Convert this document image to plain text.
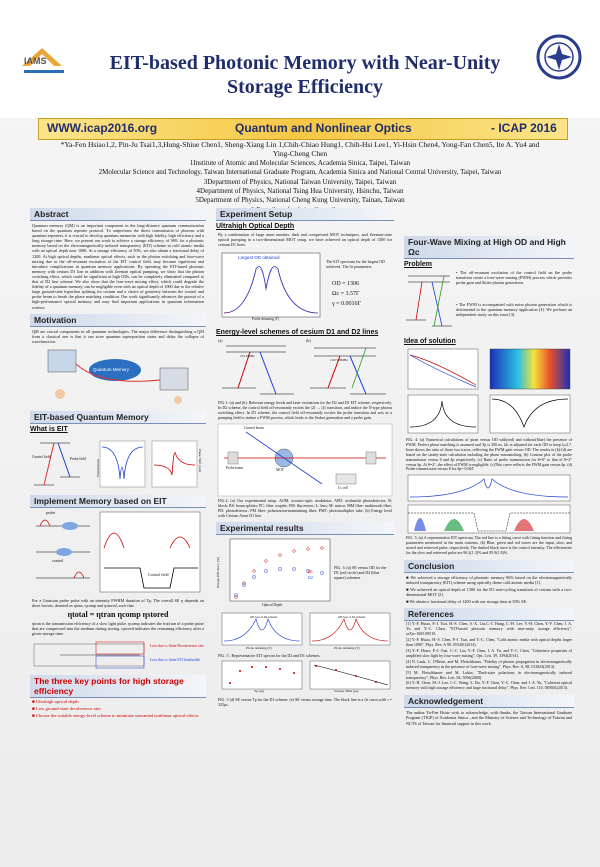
IAMS	EIT-based Photonic Memory with Near-Unity
Storage Efficiency
WWW.icap2016.org	Quantum and Nonlinear Optics	- ICAP 2016
*Ya-Fen Hsiao1,2, Pin-Ju Tsai1,3,Hung-Shiue Chen1, Sheng-Xiang Lin 1,Chih-Chiao Hung1, Chih-Hsi Lee1, Yi-Hsin Chen4, Yong-Fan Chen5, Ite A. Yu4 and
Ying-Cheng Chen
1Institute of Atomic and Molecular Sciences, Academia Sinica, Taipei, Taiwan
2Molecular Science and Technology, Taiwan International Graduate Program, Academia Sinica and National Central University, Taipei, Taiwan
3Department of Physics, National Taiwan University, Taipei, Taiwan
4Department of Physics, National Tsing Hua University, Hsinchu, Taiwan
5Department of Physics, National Cheng Kung University, Tainan, Taiwan
Abstract
Quantum memory (QM) is an important component in the long-distance quantum communication based on the quantum repeater protocol. To outperform the direct transmission of photons with quantum repeaters, it is crucial to develop quantum memories with high fidelity, high efficiency and a long storage time. Here, we present our work to achieve a storage efficiency of 96% for a photonic memory based on the electromagnetically induced transparency (EIT) scheme in cold atomic media with an optical depth near 1000. At a storage efficiency of 50%, we also obtain a fractional delay of 1200. At high optical depths, nonlinear optical effects, such as the photon switching and four-wave mixing due to the off-resonant excitation of the EIT control field, may become significant and introduce complications in quantum memory applications. By operating the EIT-based photonic memory with cesium D1 line in addition with Zeeman optical pumping, we show that the photon switching effect, which could be significant at high ODs, can be completely eliminated compared to that of D2 line scheme. We also show that the four-wave mixing effect, which could degrade the fidelity of a quantum memory, can be negligible even with an optical depth of 1000 due to the relative large ground-state hyperfine splitting for cesium and a choice of geometry between the control and probe beam to break the phase matching condition. Our work significantly advances the pursuit of a high-performance optical memory and may find important applications in quantum information science.
Motivation
QM are crucial components in all quantum technologies. The major difference distinguishing a QM from a classical one is that it can store quantum superposition states and delay the collapse of wavefunction.
Quantum Memory
EIT-based Quantum Memory
What is EIT
Control field	Probe field	Transmission	Phase Shift (rad)
Implement Memory based on EIT
probe
control
Control field
For a Gaussian probe pulse with an intensity FWHM duration of Tp, The overall SE η depends on three factors, denoted as ηtran, ηcomp and ηstored, such that
ηtotal = ηtran ηcomp ηstored
ηtran is the transmission efficiency of a slow light pulse. ηcomp indicates the fraction of a probe pulse that are compressed into the medium during storing. ηstored indicates the remaining efficiency after a given storage time.
Loss due to finite Decoherence rate
Loss due to finite EIT bandwidth
The three key points for high storage efficiency
■ Ultrahigh optical depth
■ Low ground-state decoherence rate
■ Choose the suitable energy-level scheme to minimize unwanted nonlinear optical effects
Experiment Setup
Ultrahigh Optical Depth
By a combination of large atom number, dark and compressed MOT techniques, and Zeeman-state optical pumping in a two-dimensional MOT setup, we have achieved an optical depth of 1300 for cesium D1 lines.
Largest OD obtained
Probe detuning (Γ)
The EIT spectrum for the largest OD achieved. The fit parameters
OD = 1306
Ωc = 3.57Γ
γ = 0.0016Γ
Energy-level schemes of cesium D1 and D2 lines
(a)	(b)
251.0MHz
1167.68MHz
FIG.1: (a) and (b): Relevant energy levels and laser excitations for the D2 and D1 EIT scheme, respectively. In D2 scheme, the control field off-resonantly excites the |2⟩ → |4⟩ transition, and induce the N-type photon switching effect. In D1 scheme, the control field off-resonantly excites the probe transition and acts as a pumping field to induce a FWM process, which leads to the Stokes generation and a probe gain.
MOT
Probe beam
Control beam
Cs cell
FIG.2: (a) Our experimental setup. AOM: acousto-optic modulator; APD: avalanche photodetector; B: block; BS: beam splitter; PC: fiber coupler; FM: flip mirror; L: lens; M: mirror; MM fiber: multimode fiber; PD: photodetector; PM fiber: polarization-maintaining fiber; PMT: photomultiplier tube. (b) Energy level with Cesium Atom D1 line.
Experimental results
D1
D2
Storage Efficiency (%)
Optical Depth
FIG. 3: (a) SE versus OD for the D1 (red circle) and D2 (blue square) schemes
OD loss of D2 scheme	OD loss of D1 scheme
Probe detuning (Γ)	Probe detuning (Γ)
FIG. 5 : Representative EIT spectra for the D2 and D1 schemes.
Tp (μs)	Storage Time (μs)
FIG. 3 (d) SE versus Tp for the D1 scheme. (e) SE versus storage time. The black line is a fit curve,with τ = 325μs.
Four-Wave Mixing at High OD and High Ωc
Problem
• The off-resonant excitation of the control field on the probe transition create a four-wave mixing (FWM) process which provides probe gain and Stoke photon generation.
• The FWM is accompanied with noise photon generation which is detrimental to the quantum memory application [4]. We perform an independent study on this issue [3].
Idea of solution
FIG. 4: (a) Numerical calculations of ηtran versus OD with(red) and without(blue) the presence of FWM. Perfect phase matching is assumed and Tp is 200 ns. Ωc is adjusted for each OD to keep ξ≥2.7. Inset shows the ratio of those two traces, reflecting the FWM gain versus OD. The results in (b)-(d) are based on the steady-state calculation including the phase mismatching. (b) Contour plot of the probe transmission versus θ and δp respectively. (c) Ratio of probe transmission for θ=0° to that of θ=2° versus δp. At θ=2°, the effect of FWM is negligible. (c)This curve reflects the FWM gain versus δp. (d) Probe transmission versus θ for δp= 0.04Γ.
FIG. 5: (a) A representative EIT spectrum. The red line is a fitting curve with fitting function and fitting parameters mentioned in the main contents. (b) Blue, green and red traces are the input, slow, and stored and retrieved pulse, respectively. The dashed black trace is the control intensity. The efficiencies for the slow and retrieved pulse are 96.2(1.3)% and 95.9(1.8)%.
Conclusion
■ We achieved a storage efficiency of photonic memory 96% based on the electromagnetically induced transparency (EIT) scheme using optically dense cold atomic media [1].
■ We achieved an optical depth of 1300 for the D1 non-cycling transition of cesium with a two-dimensional MOT [2].
■ We obtain a fractional delay of 1200 with our storage time at 50% SE.
References
[1] Y.-F. Hsiao, P.-J. Tsai, H.-S. Chen, S.-X. Lin,C.-C Hung, C.-H. Lee, Y.-H. Chen, Y.-F. Chen, I. A. Yu and Y.-C. Chen, "EIT-based photonic memory with near-unity storage efficiency", arXiv:1605.08519.
[2] Y.-F. Hsiao, H.-S. Chen, P.-J. Tsai, and Y.-C. Chen, "Cold atomic media with optical depths larger than 1000", Phys. Rev. A 90, 055401(2014).
[3] Y.-F. Hsiao, P.-J. Tsai, C.-C. Lin, Y.-F. Chen, I. A. Yu, and Y.-C. Chen, "Coherence properties of amplified slow light by four-wave mixing", Opt. Lett. 39, 3394(2014).
[4] N. Lauk, C. O'Brien, and M. Fleischhauer, "Fidelity of photon propagation in electromagnetically induced transparency in the presence of four-wave mixing", Phys. Rev. A, 88, 013823(2013).
[5] M. Fleischhauer and M. Lukin, "Dark-state polaritons in electromagnetically induced transparency", Phys. Rev. Lett. 84, 5094(2000).
[6] Y.-H. Chen, M.-J. Lee, I.-C. Wang, S. Du, Y.-F. Chen, Y.-C. Chen, and I. A. Yu, "Coherent optical memory with high storage efficiency and large fractional delay", Phys. Rev. Lett. 110, 083601(2013).
Acknowledgement
The author Ya-Fen Hsiao wish to acknowledge, with thanks, the Taiwan International Graduate Program (TIGP) of Academia Sinica , and the Ministry of Science and Technology of Taiwan and NCTS of Taiwan for financial support in this work.
